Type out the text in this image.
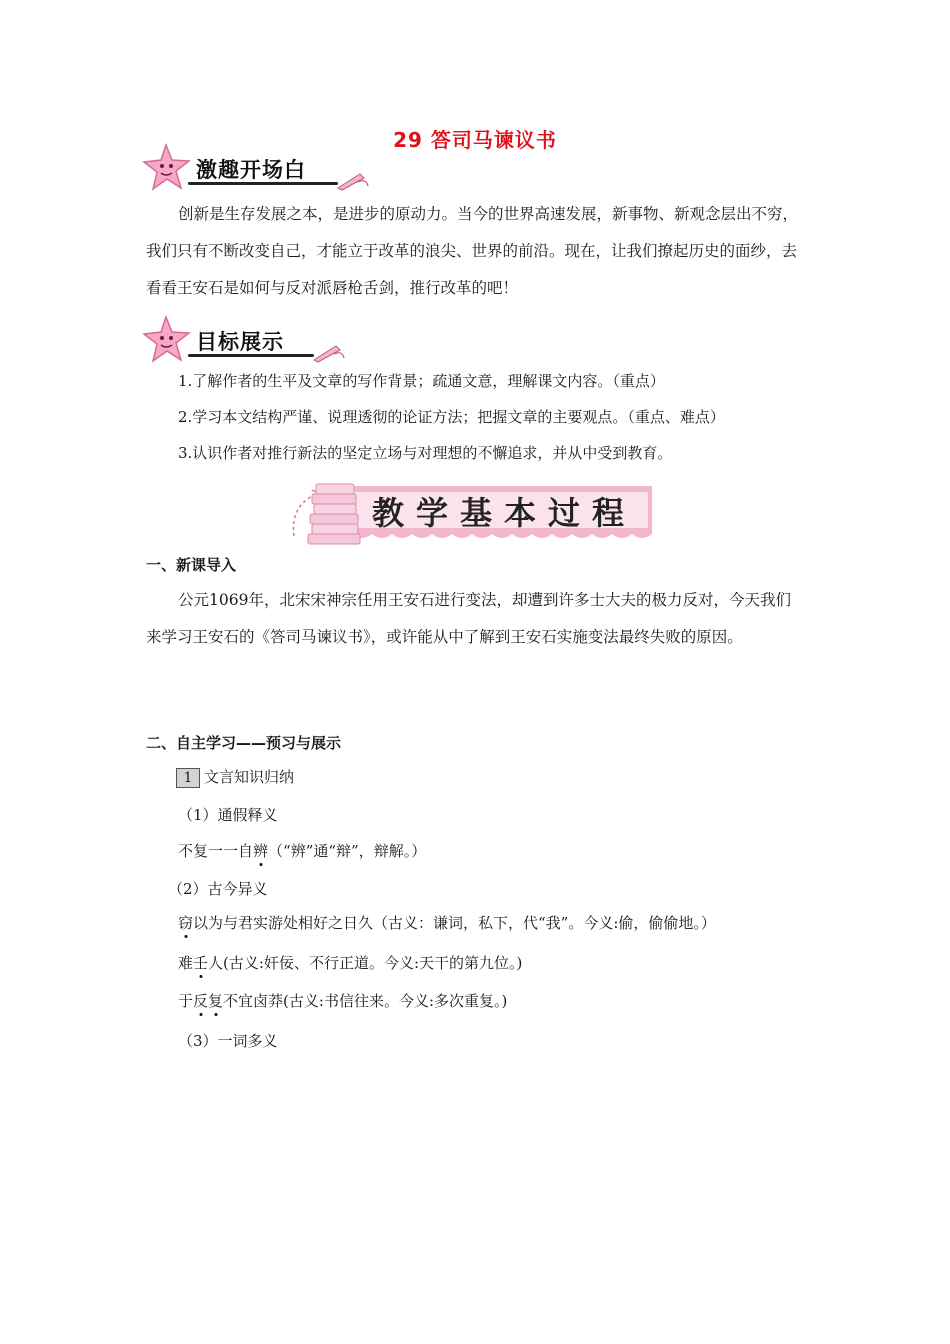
29 答司马谏议书
激趣开场白
创新是生存发展之本，是进步的原动力。当今的世界高速发展，新事物、新观念层出不穷，我们只有不断改变自己，才能立于改革的浪尖、世界的前沿。现在，让我们撩起历史的面纱，去看看王安石是如何与反对派唇枪舌剑，推行改革的吧！
目标展示
1.了解作者的生平及文章的写作背景；疏通文意，理解课文内容。（重点）
2.学习本文结构严谨、说理透彻的论证方法；把握文章的主要观点。（重点、难点）
3.认识作者对推行新法的坚定立场与对理想的不懈追求，并从中受到教育。
教学基本过程
一、新课导入
公元1069年，北宋宋神宗任用王安石进行变法，却遭到许多士大夫的极力反对，今天我们来学习王安石的《答司马谏议书》，或许能从中了解到王安石实施变法最终失败的原因。
二、自主学习——预习与展示
1 文言知识归纳
（1）通假释义
不复一一自辨（“辨”通“辩”，辩解。）
（2）古今异义
窃以为与君实游处相好之日久（古义：谦词，私下，代“我”。今义:偷，偷偷地。）
难壬人(古义:奸佞、不行正道。今义:天干的第九位。)
于反复不宜卤莽(古义:书信往来。今义:多次重复。)
（3）一词多义
